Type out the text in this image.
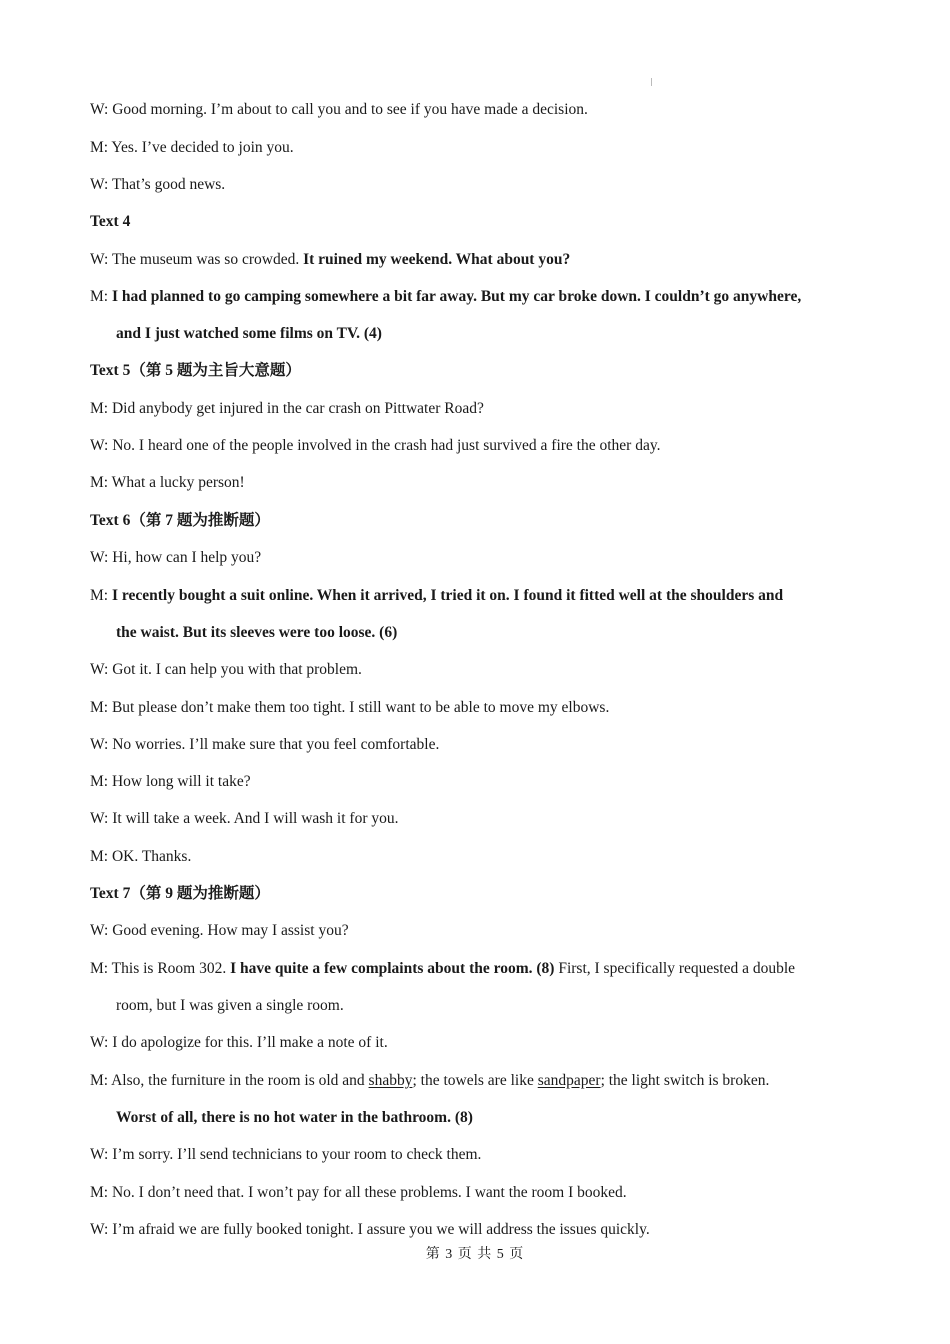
W: Good morning. I’m about to call you and to see if you have made a decision.
M: Yes. I’ve decided to join you.
W: That’s good news.
Text 4
W: The museum was so crowded. It ruined my weekend. What about you?
M: I had planned to go camping somewhere a bit far away. But my car broke down. I couldn’t go anywhere,
and I just watched some films on TV. (4)
Text 5（第 5 题为主旨大意题）
M: Did anybody get injured in the car crash on Pittwater Road?
W: No. I heard one of the people involved in the crash had just survived a fire the other day.
M: What a lucky person!
Text 6（第 7 题为推断题）
W: Hi, how can I help you?
M: I recently bought a suit online. When it arrived, I tried it on. I found it fitted well at the shoulders and
the waist. But its sleeves were too loose. (6)
W: Got it. I can help you with that problem.
M: But please don’t make them too tight. I still want to be able to move my elbows.
W: No worries. I’ll make sure that you feel comfortable.
M: How long will it take?
W: It will take a week. And I will wash it for you.
M: OK. Thanks.
Text 7（第 9 题为推断题）
W: Good evening. How may I assist you?
M: This is Room 302. I have quite a few complaints about the room. (8) First, I specifically requested a double
room, but I was given a single room.
W: I do apologize for this. I’ll make a note of it.
M: Also, the furniture in the room is old and shabby; the towels are like sandpaper; the light switch is broken.
Worst of all, there is no hot water in the bathroom. (8)
W: I’m sorry. I’ll send technicians to your room to check them.
M: No. I don’t need that. I won’t pay for all these problems. I want the room I booked.
W: I’m afraid we are fully booked tonight. I assure you we will address the issues quickly.
第 3 页 共 5 页
